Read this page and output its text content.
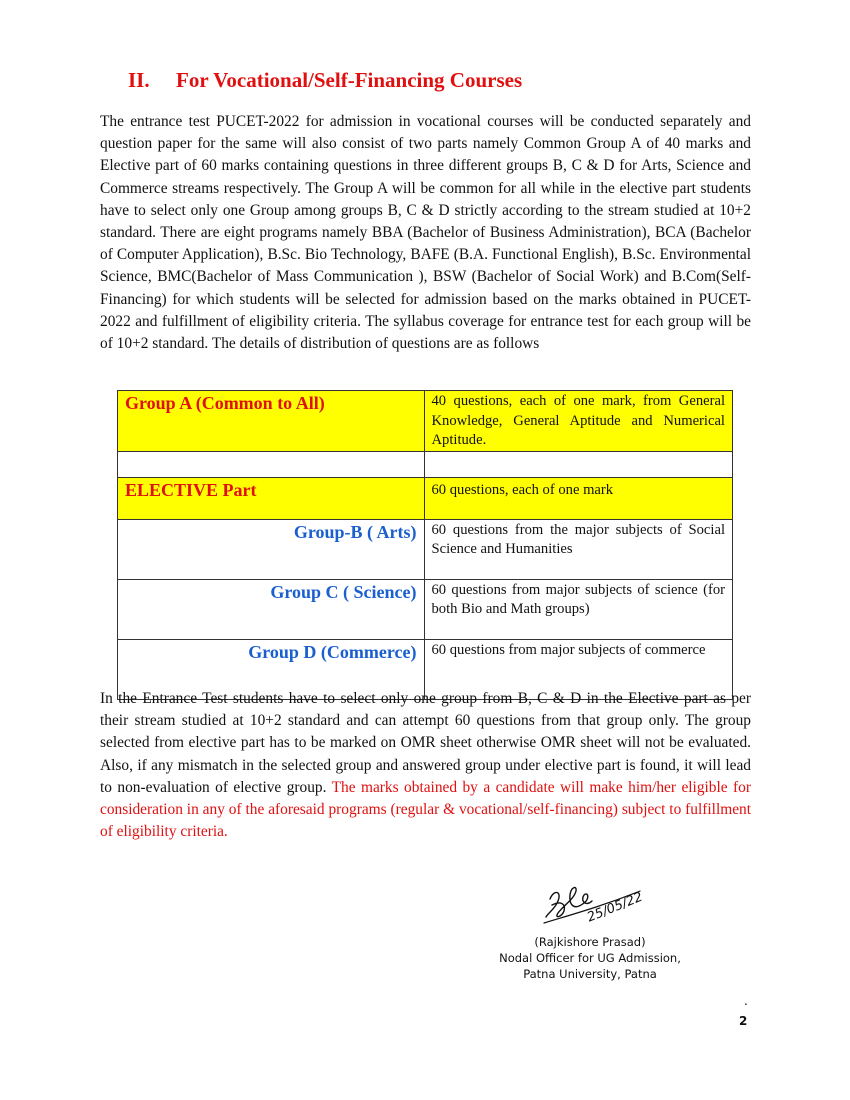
II. For Vocational/Self-Financing Courses

The entrance test PUCET-2022 for admission in vocational courses will be conducted separately and question paper for the same will also consist of two parts namely Common Group A of 40 marks and Elective part of 60 marks containing questions in three different groups B, C & D for Arts, Science and Commerce streams respectively. The Group A will be common for all while in the elective part students have to select only one Group among groups B, C & D strictly according to the stream studied at 10+2 standard. There are eight programs namely BBA (Bachelor of Business Administration), BCA (Bachelor of Computer Application), B.Sc. Bio Technology, BAFE (B.A. Functional English), B.Sc. Environmental Science, BMC(Bachelor of Mass Communication ), BSW (Bachelor of Social Work) and B.Com(Self-Financing) for which students will be selected for admission based on the marks obtained in PUCET-2022 and fulfillment of eligibility criteria. The syllabus coverage for entrance test for each group will be of 10+2 standard. The details of distribution of questions are as follows

Group A (Common to All)	40 questions, each of one mark, from General Knowledge, General Aptitude and Numerical Aptitude.

ELECTIVE Part	60 questions, each of one mark
Group-B ( Arts)	60 questions from the major subjects of Social Science and Humanities
Group C ( Science)	60 questions from major subjects of science (for both Bio and Math groups)
Group D (Commerce)	60 questions from major subjects of commerce

In the Entrance Test students have to select only one group from B, C & D in the Elective part as per their stream studied at 10+2 standard and can attempt 60 questions from that group only. The group selected from elective part has to be marked on OMR sheet otherwise OMR sheet will not be evaluated. Also, if any mismatch in the selected group and answered group under elective part is found, it will lead to non-evaluation of elective group. The marks obtained by a candidate will make him/her eligible for consideration in any of the aforesaid programs (regular & vocational/self-financing) subject to fulfillment of eligibility criteria.

25/05/22
(Rajkishore Prasad)
Nodal Officer for UG Admission,
Patna University, Patna
.
2
